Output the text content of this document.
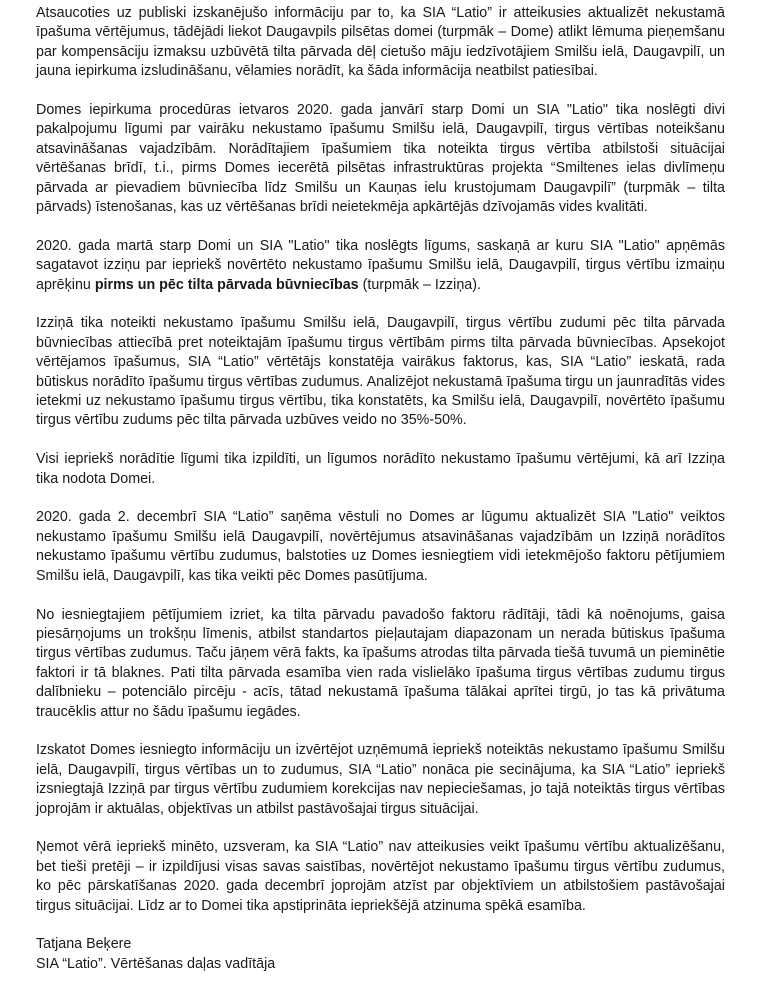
Atsaucoties uz publiski izskanējušo informāciju par to, ka SIA “Latio” ir atteikusies aktualizēt nekustamā īpašuma vērtējumus, tādējādi liekot Daugavpils pilsētas domei (turpmāk – Dome) atlikt lēmuma pieņemšanu par kompensāciju izmaksu uzbūvētā tilta pārvada dēļ cietušo māju iedzīvotājiem Smilšu ielā, Daugavpilī, un jauna iepirkuma izsludināšanu, vēlamies norādīt, ka šāda informācija neatbilst patiesībai.

Domes iepirkuma procedūras ietvaros 2020. gada janvārī starp Domi un SIA "Latio" tika noslēgti divi pakalpojumu līgumi par vairāku nekustamo īpašumu Smilšu ielā, Daugavpilī, tirgus vērtības noteikšanu atsavināšanas vajadzībām. Norādītajiem īpašumiem tika noteikta tirgus vērtība atbilstoši situācijai vērtēšanas brīdī, t.i., pirms Domes iecerētā pilsētas infrastruktūras projekta “Smiltenes ielas divlīmeņu pārvada ar pievadiem būvniecība līdz Smilšu un Kauņas ielu krustojumam Daugavpilī” (turpmāk – tilta pārvads) īstenošanas, kas uz vērtēšanas brīdi neietekmēja apkārtējās dzīvojamās vides kvalitāti.

2020. gada martā starp Domi un SIA "Latio" tika noslēgts līgums, saskaņā ar kuru SIA "Latio" apņēmās sagatavot izziņu par iepriekš novērtēto nekustamo īpašumu Smilšu ielā, Daugavpilī, tirgus vērtību izmaiņu aprēķinu pirms un pēc tilta pārvada būvniecības (turpmāk – Izziņa).

Izziņā tika noteikti nekustamo īpašumu Smilšu ielā, Daugavpilī, tirgus vērtību zudumi pēc tilta pārvada būvniecības attiecībā pret noteiktajām īpašumu tirgus vērtībām pirms tilta pārvada būvniecības. Apsekojot vērtējamos īpašumus, SIA “Latio” vērtētājs konstatēja vairākus faktorus, kas, SIA “Latio” ieskatā, rada būtiskus norādīto īpašumu tirgus vērtības zudumus. Analizējot nekustamā īpašuma tirgu un jaunradītās vides ietekmi uz nekustamo īpašumu tirgus vērtību, tika konstatēts, ka Smilšu ielā, Daugavpilī, novērtēto īpašumu tirgus vērtību zudums pēc tilta pārvada uzbūves veido no 35%-50%.

Visi iepriekš norādītie līgumi tika izpildīti, un līgumos norādīto nekustamo īpašumu vērtējumi, kā arī Izziņa tika nodota Domei.

2020. gada 2. decembrī SIA “Latio” saņēma vēstuli no Domes ar lūgumu aktualizēt SIA "Latio" veiktos nekustamo īpašumu Smilšu ielā Daugavpilī, novērtējumus atsavināšanas vajadzībām un Izziņā norādītos nekustamo īpašumu vērtību zudumus, balstoties uz Domes iesniegtiem vidi ietekmējošo faktoru pētījumiem Smilšu ielā, Daugavpilī, kas tika veikti pēc Domes pasūtījuma.

No iesniegtajiem pētījumiem izriet, ka tilta pārvadu pavadošo faktoru rādītāji, tādi kā noēnojums, gaisa piesārņojums un trokšņu līmenis, atbilst standartos pieļautajam diapazonam un nerada būtiskus īpašuma tirgus vērtības zudumus. Taču jāņem vērā fakts, ka īpašums atrodas tilta pārvada tiešā tuvumā un pieminētie faktori ir tā blaknes. Pati tilta pārvada esamība vien rada vislielāko īpašuma tirgus vērtības zudumu tirgus dalībnieku – potenciālo pircēju - acīs, tātad nekustamā īpašuma tālākai aprītei tirgū, jo tas kā privātuma traucēklis attur no šādu īpašumu iegādes.

Izskatot Domes iesniegto informāciju un izvērtējot uzņēmumā iepriekš noteiktās nekustamo īpašumu Smilšu ielā, Daugavpilī, tirgus vērtības un to zudumus, SIA “Latio” nonāca pie secinājuma, ka SIA “Latio” iepriekš izsniegtajā Izziņā par tirgus vērtību zudumiem korekcijas nav nepieciešamas, jo tajā noteiktās tirgus vērtības joprojām ir aktuālas, objektīvas un atbilst pastāvošajai tirgus situācijai.

Ņemot vērā iepriekš minēto, uzsveram, ka SIA “Latio” nav atteikusies veikt īpašumu vērtību aktualizēšanu, bet tieši pretēji – ir izpildījusi visas savas saistības, novērtējot nekustamo īpašumu tirgus vērtību zudumus, ko pēc pārskatīšanas 2020. gada decembrī joprojām atzīst par objektīviem un atbilstošiem pastāvošajai tirgus situācijai. Līdz ar to Domei tika apstiprināta iepriekšējā atzinuma spēkā esamība.

Tatjana Beķere
SIA “Latio”. Vērtēšanas daļas vadītāja
